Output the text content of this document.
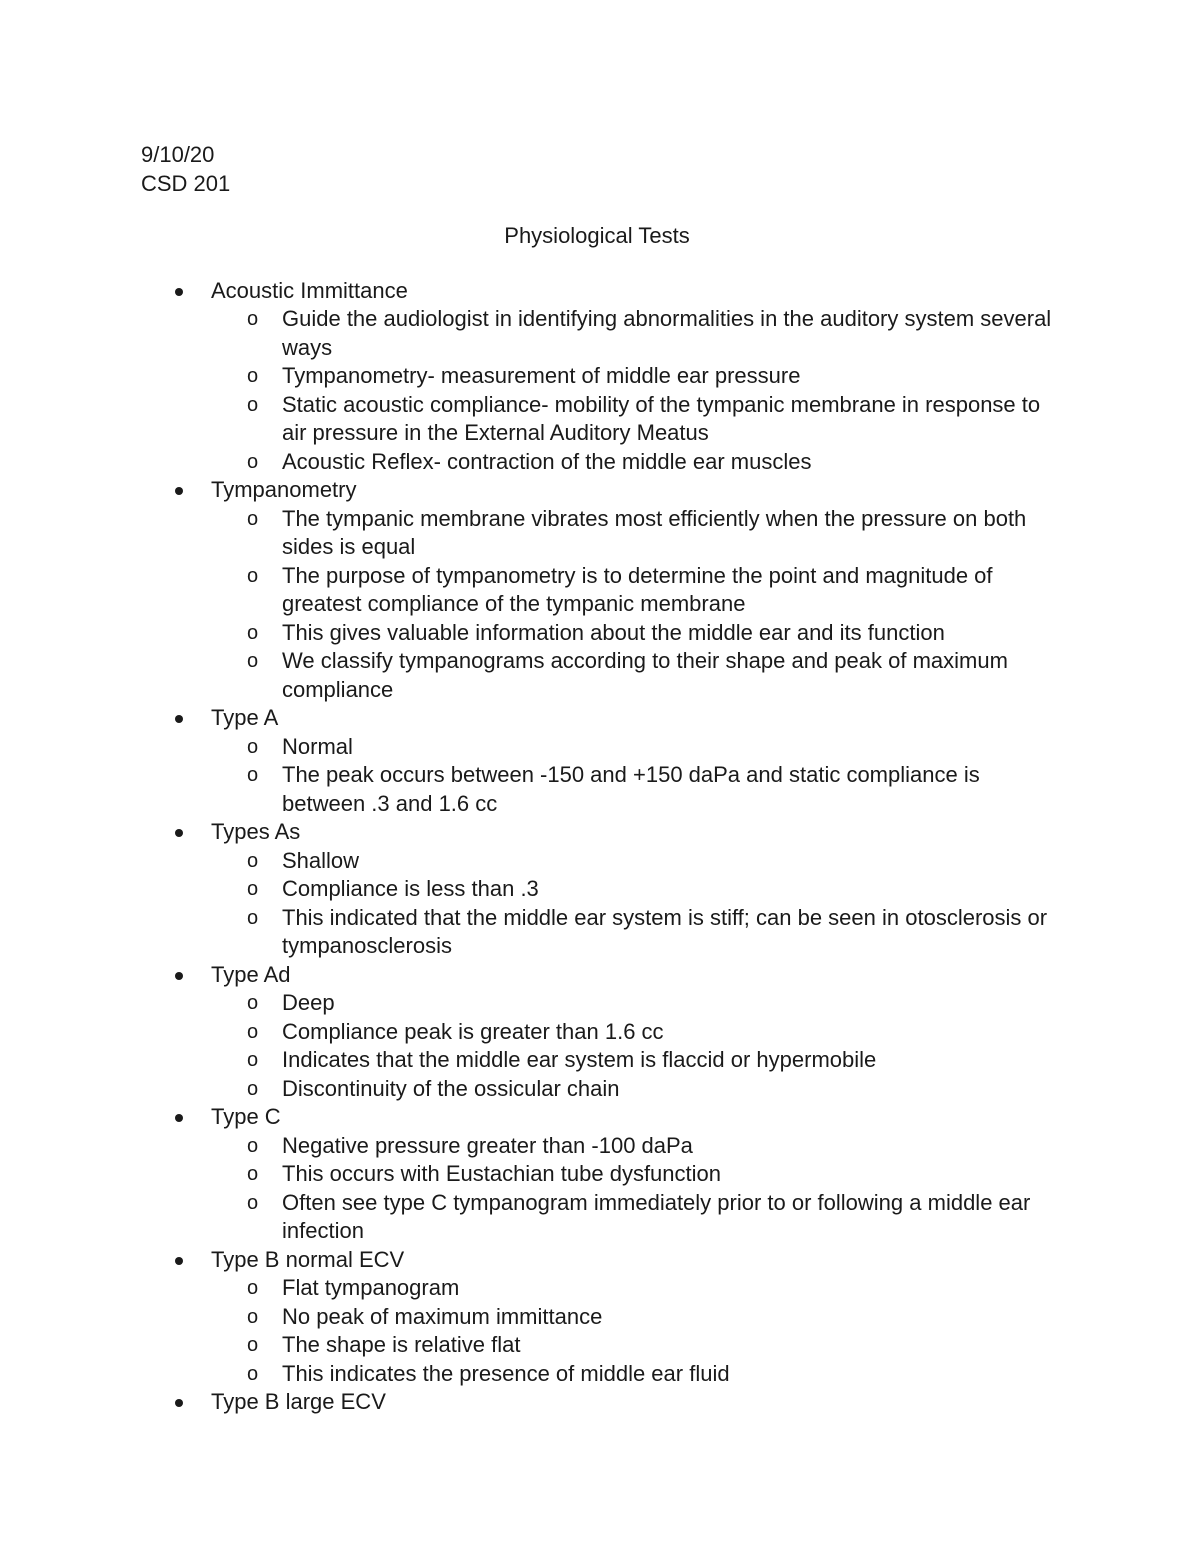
9/10/20
CSD 201
Physiological Tests
Acoustic Immittance
o Guide the audiologist in identifying abnormalities in the auditory system several ways
o Tympanometry- measurement of middle ear pressure
o Static acoustic compliance- mobility of the tympanic membrane in response to air pressure in the External Auditory Meatus
o Acoustic Reflex- contraction of the middle ear muscles
Tympanometry
o The tympanic membrane vibrates most efficiently when the pressure on both sides is equal
o The purpose of tympanometry is to determine the point and magnitude of greatest compliance of the tympanic membrane
o This gives valuable information about the middle ear and its function
o We classify tympanograms according to their shape and peak of maximum compliance
Type A
o Normal
o The peak occurs between -150 and +150 daPa and static compliance is between .3 and 1.6 cc
Types As
o Shallow
o Compliance is less than .3
o This indicated that the middle ear system is stiff; can be seen in otosclerosis or tympanosclerosis
Type Ad
o Deep
o Compliance peak is greater than 1.6 cc
o Indicates that the middle ear system is flaccid or hypermobile
o Discontinuity of the ossicular chain
Type C
o Negative pressure greater than -100 daPa
o This occurs with Eustachian tube dysfunction
o Often see type C tympanogram immediately prior to or following a middle ear infection
Type B normal ECV
o Flat tympanogram
o No peak of maximum immittance
o The shape is relative flat
o This indicates the presence of middle ear fluid
Type B large ECV
